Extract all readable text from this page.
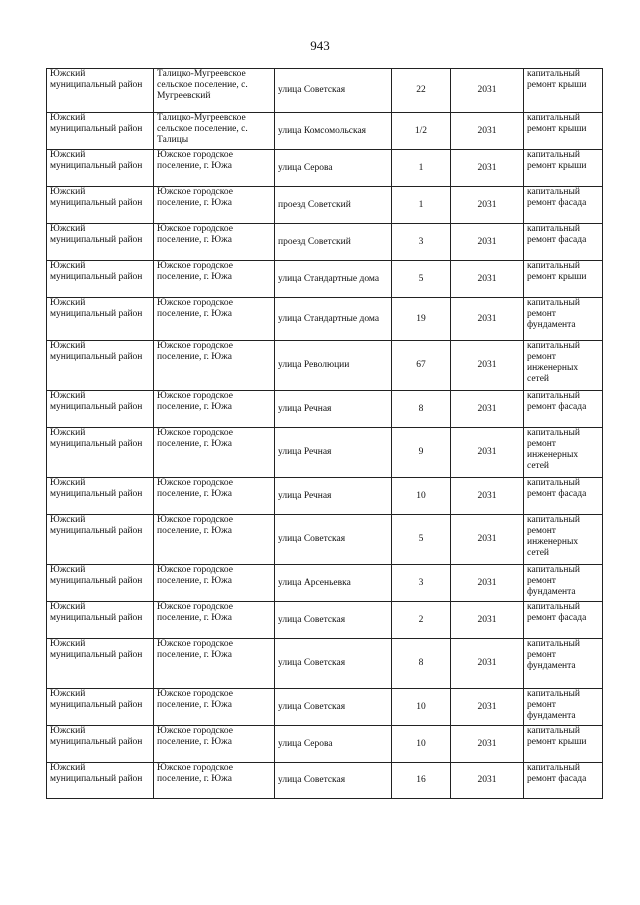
943
Южский муниципальный район	Талицко-Мугреевское сельское поселение, с. Мугреевский	улица Советская	22	2031	капитальный ремонт крыши
Южский муниципальный район	Талицко-Мугреевское сельское поселение, с. Талицы	улица Комсомольская	1/2	2031	капитальный ремонт крыши
Южский муниципальный район	Южское городское поселение, г. Южа	улица Серова	1	2031	капитальный ремонт крыши
Южский муниципальный район	Южское городское поселение, г. Южа	проезд Советский	1	2031	капитальный ремонт фасада
Южский муниципальный район	Южское городское поселение, г. Южа	проезд Советский	3	2031	капитальный ремонт фасада
Южский муниципальный район	Южское городское поселение, г. Южа	улица Стандартные дома	5	2031	капитальный ремонт крыши
Южский муниципальный район	Южское городское поселение, г. Южа	улица Стандартные дома	19	2031	капитальный ремонт фундамента
Южский муниципальный район	Южское городское поселение, г. Южа	улица Революции	67	2031	капитальный ремонт инженерных сетей
Южский муниципальный район	Южское городское поселение, г. Южа	улица Речная	8	2031	капитальный ремонт фасада
Южский муниципальный район	Южское городское поселение, г. Южа	улица Речная	9	2031	капитальный ремонт инженерных сетей
Южский муниципальный район	Южское городское поселение, г. Южа	улица Речная	10	2031	капитальный ремонт фасада
Южский муниципальный район	Южское городское поселение, г. Южа	улица Советская	5	2031	капитальный ремонт инженерных сетей
Южский муниципальный район	Южское городское поселение, г. Южа	улица Арсеньевка	3	2031	капитальный ремонт фундамента
Южский муниципальный район	Южское городское поселение, г. Южа	улица Советская	2	2031	капитальный ремонт фасада
Южский муниципальный район	Южское городское поселение, г. Южа	улица Советская	8	2031	капитальный ремонт фундамента
Южский муниципальный район	Южское городское поселение, г. Южа	улица Советская	10	2031	капитальный ремонт фундамента
Южский муниципальный район	Южское городское поселение, г. Южа	улица Серова	10	2031	капитальный ремонт крыши
Южский муниципальный район	Южское городское поселение, г. Южа	улица Советская	16	2031	капитальный ремонт фасада
